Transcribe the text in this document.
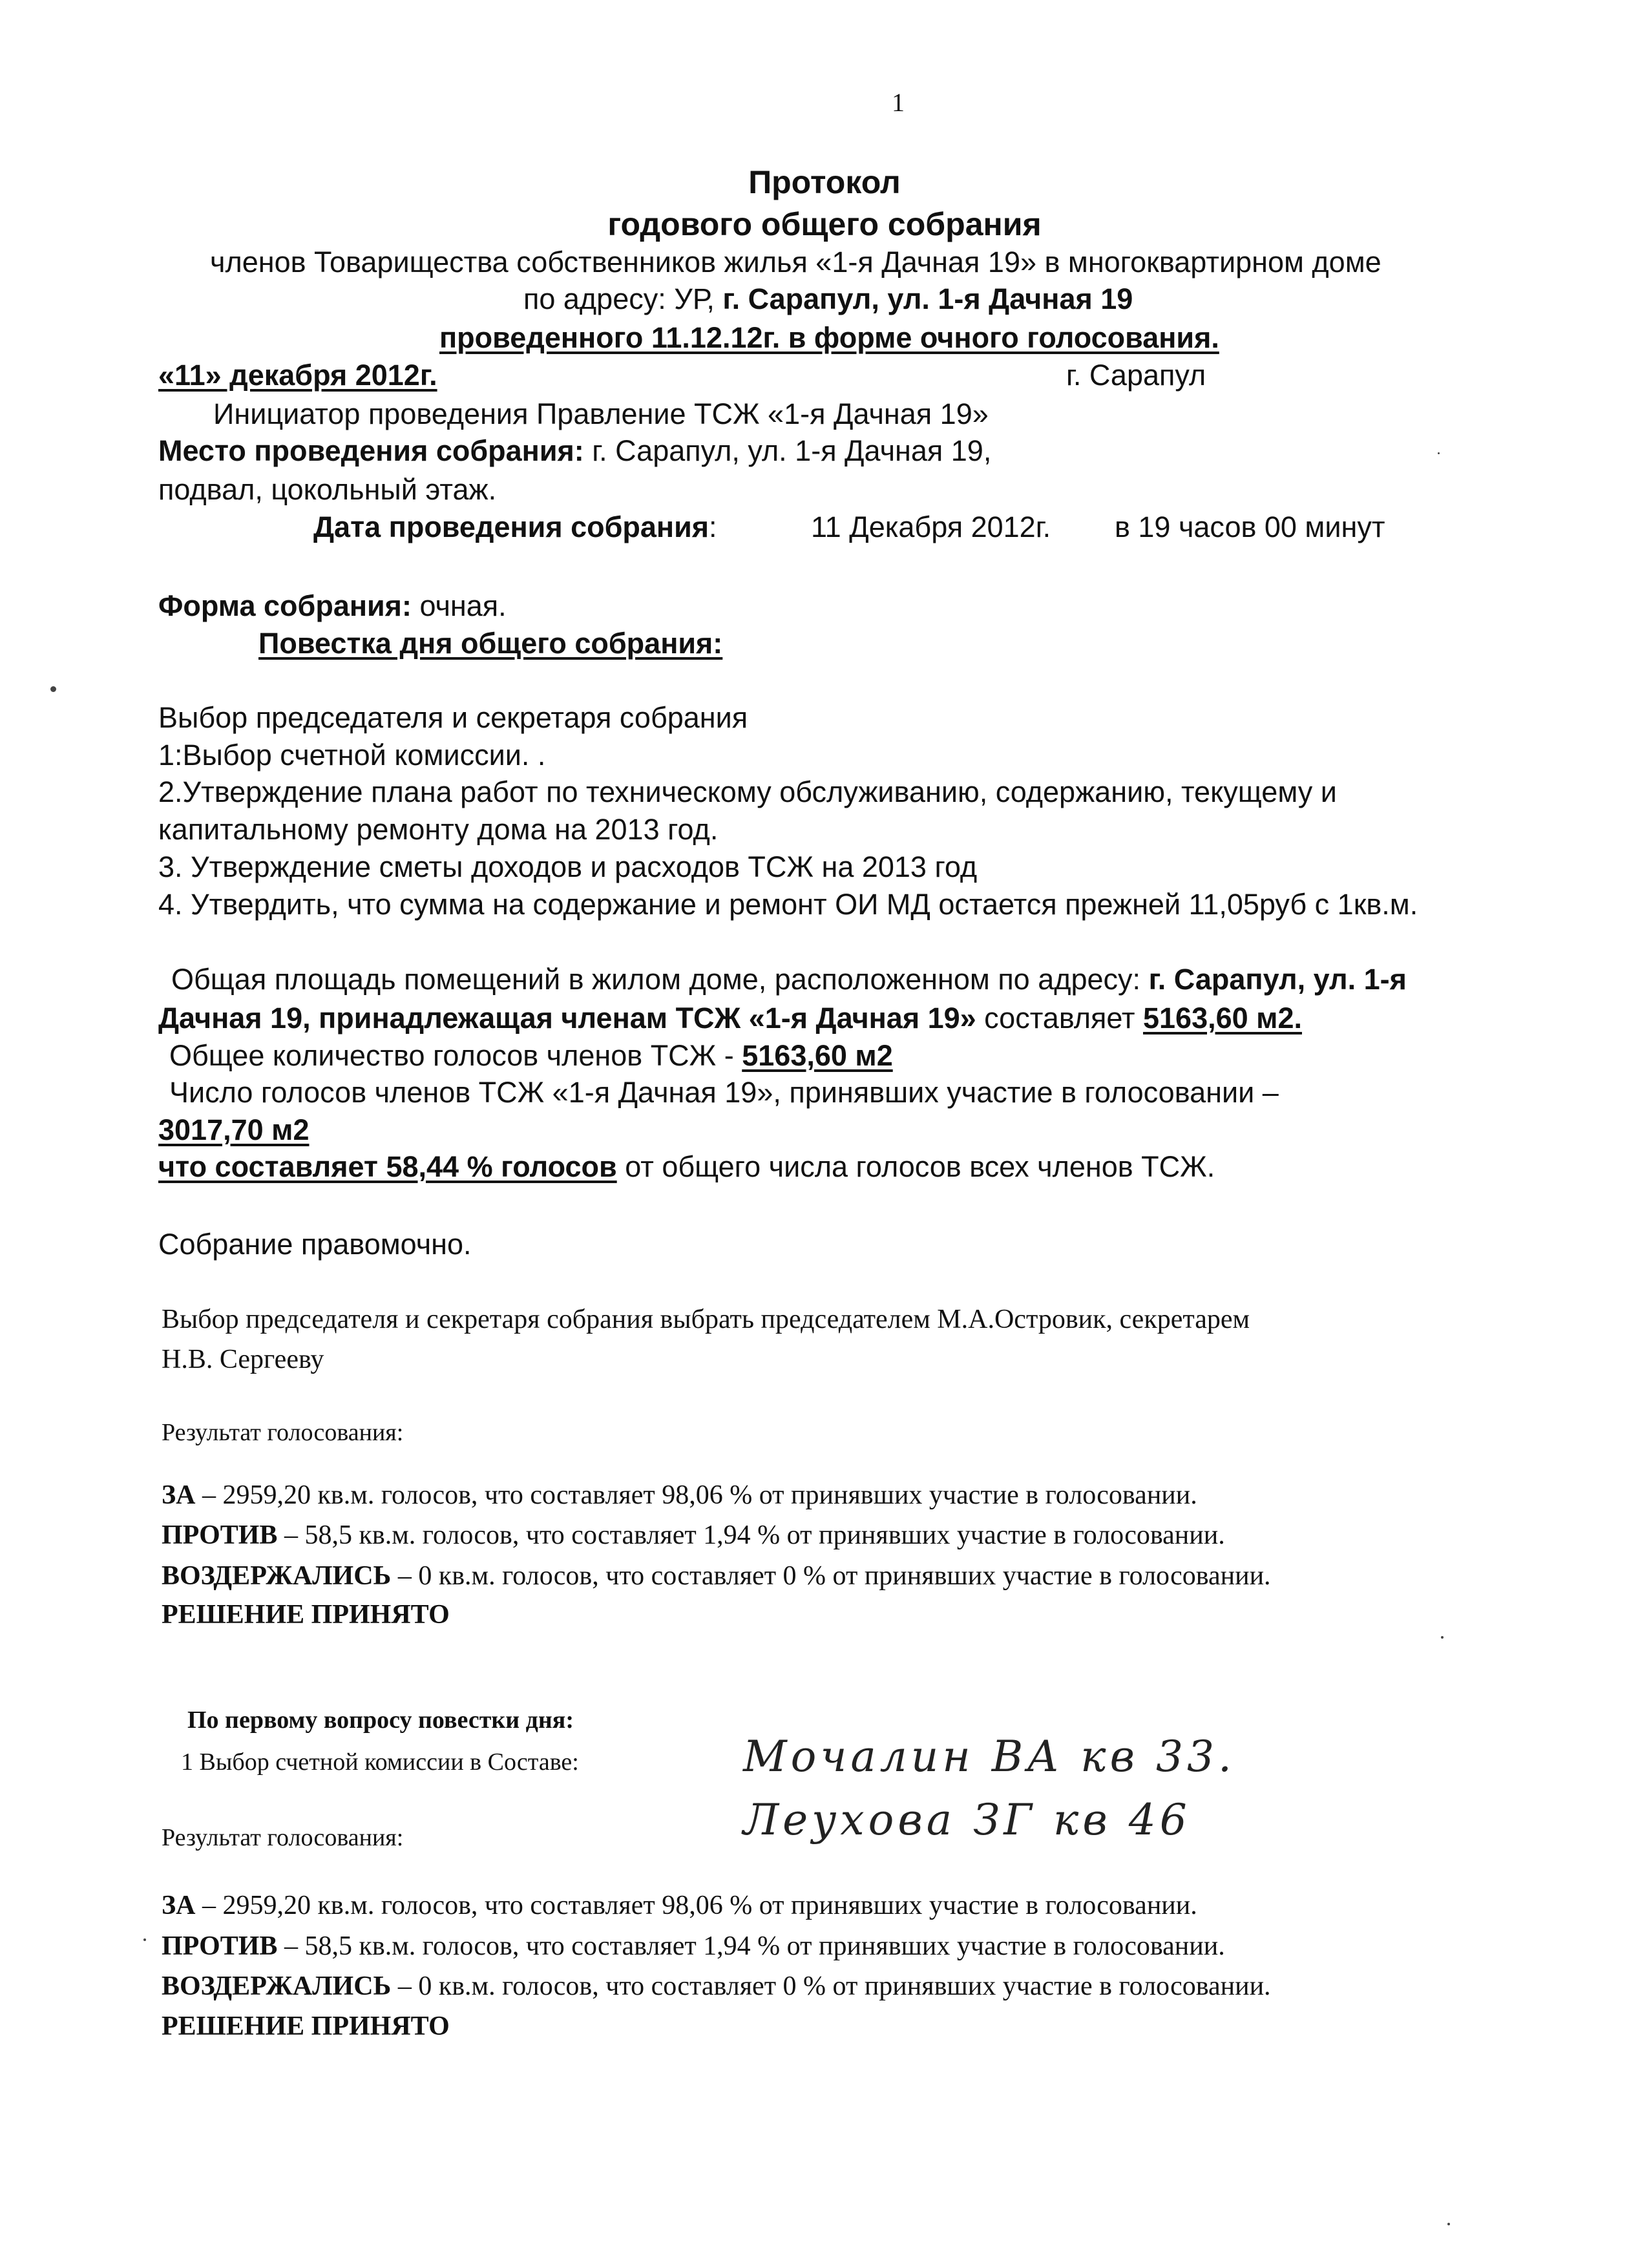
1
Протокол
годового общего собрания
членов Товарищества собственников жилья «1-я Дачная 19» в многоквартирном доме
по адресу: УР, г. Сарапул, ул. 1-я Дачная 19
проведенного 11.12.12г. в форме очного голосования.
«11» декабря 2012г.	г. Сарапул
Инициатор проведения Правление ТСЖ «1-я Дачная 19»
Место проведения собрания: г. Сарапул, ул. 1-я Дачная 19,
подвал, цокольный этаж.
Дата проведения собрания:	11 Декабря 2012г. в 19 часов 00 минут
Форма собрания: очная.
Повестка дня общего собрания:
Выбор председателя и секретаря собрания
1:Выбор счетной комиссии. .
2.Утверждение плана работ по техническому обслуживанию, содержанию, текущему и
капитальному ремонту дома на 2013 год.
3. Утверждение сметы доходов и расходов ТСЖ на 2013 год
4. Утвердить, что сумма на содержание и ремонт ОИ МД остается прежней 11,05руб с 1кв.м.
Общая площадь помещений в жилом доме, расположенном по адресу: г. Сарапул, ул. 1-я
Дачная 19, принадлежащая членам ТСЖ «1-я Дачная 19» составляет 5163,60 м2.
Общее количество голосов членов ТСЖ - 5163,60 м2
Число голосов членов ТСЖ «1-я Дачная 19», принявших участие в голосовании –
3017,70 м2
что составляет 58,44 % голосов от общего числа голосов всех членов ТСЖ.
Собрание правомочно.
Выбор председателя и секретаря собрания выбрать председателем М.А.Островик, секретарем
Н.В. Сергееву
Результат голосования:
ЗА – 2959,20 кв.м. голосов, что составляет 98,06 % от принявших участие в голосовании.
ПРОТИВ – 58,5 кв.м. голосов, что составляет 1,94 % от принявших участие в голосовании.
ВОЗДЕРЖАЛИСЬ – 0 кв.м. голосов, что составляет 0 % от принявших участие в голосовании.
РЕШЕНИЕ ПРИНЯТО
По первому вопросу повестки дня:
1 Выбор счетной комиссии в Составе:	Мочалин ВА кв 33.
Леухова ЗГ кв 46
Результат голосования:
ЗА – 2959,20 кв.м. голосов, что составляет 98,06 % от принявших участие в голосовании.
ПРОТИВ – 58,5 кв.м. голосов, что составляет 1,94 % от принявших участие в голосовании.
ВОЗДЕРЖАЛИСЬ – 0 кв.м. голосов, что составляет 0 % от принявших участие в голосовании.
РЕШЕНИЕ ПРИНЯТО
